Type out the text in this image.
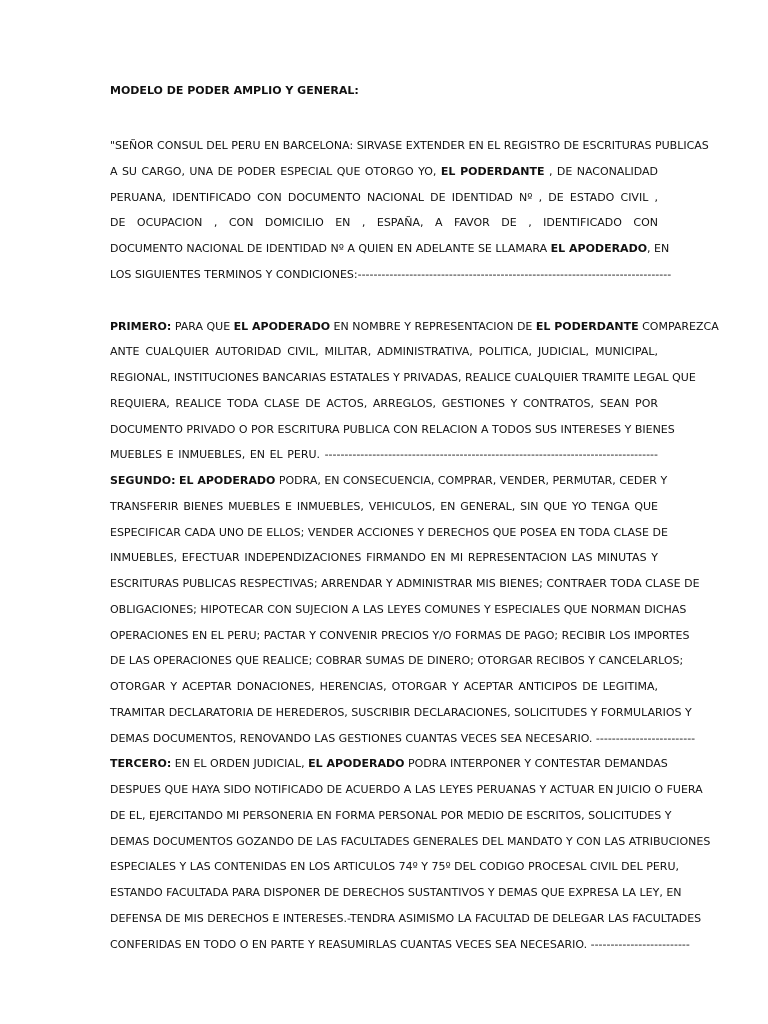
MODELO DE PODER AMPLIO Y GENERAL:

"SEÑOR CONSUL DEL PERU EN BARCELONA: SIRVASE EXTENDER EN EL REGISTRO DE ESCRITURAS PUBLICAS
A SU CARGO, UNA DE PODER ESPECIAL QUE OTORGO YO, EL PODERDANTE , DE NACONALIDAD
PERUANA, IDENTIFICADO CON DOCUMENTO NACIONAL DE IDENTIDAD Nº , DE ESTADO CIVIL ,
DE OCUPACION , CON DOMICILIO EN , ESPAÑA, A FAVOR DE , IDENTIFICADO CON
DOCUMENTO NACIONAL DE IDENTIDAD Nº A QUIEN EN ADELANTE SE LLAMARA EL APODERADO, EN
LOS SIGUIENTES TERMINOS Y CONDICIONES:-------------------------------------------------------------------------------
PRIMERO: PARA QUE EL APODERADO EN NOMBRE Y REPRESENTACION DE EL PODERDANTE COMPAREZCA
ANTE CUALQUIER AUTORIDAD CIVIL, MILITAR, ADMINISTRATIVA, POLITICA, JUDICIAL, MUNICIPAL,
REGIONAL, INSTITUCIONES BANCARIAS ESTATALES Y PRIVADAS, REALICE CUALQUIER TRAMITE LEGAL QUE
REQUIERA, REALICE TODA CLASE DE ACTOS, ARREGLOS, GESTIONES Y CONTRATOS, SEAN POR
DOCUMENTO PRIVADO O POR ESCRITURA PUBLICA CON RELACION A TODOS SUS INTERESES Y BIENES
MUEBLES E INMUEBLES, EN EL PERU. ------------------------------------------------------------------------------------
SEGUNDO: EL APODERADO PODRA, EN CONSECUENCIA, COMPRAR, VENDER, PERMUTAR, CEDER Y
TRANSFERIR BIENES MUEBLES E INMUEBLES, VEHICULOS, EN GENERAL, SIN QUE YO TENGA QUE
ESPECIFICAR CADA UNO DE ELLOS; VENDER ACCIONES Y DERECHOS QUE POSEA EN TODA CLASE DE
INMUEBLES, EFECTUAR INDEPENDIZACIONES FIRMANDO EN MI REPRESENTACION LAS MINUTAS Y
ESCRITURAS PUBLICAS RESPECTIVAS; ARRENDAR Y ADMINISTRAR MIS BIENES; CONTRAER TODA CLASE DE
OBLIGACIONES; HIPOTECAR CON SUJECION A LAS LEYES COMUNES Y ESPECIALES QUE NORMAN DICHAS
OPERACIONES EN EL PERU; PACTAR Y CONVENIR PRECIOS Y/O FORMAS DE PAGO; RECIBIR LOS IMPORTES
DE LAS OPERACIONES QUE REALICE; COBRAR SUMAS DE DINERO; OTORGAR RECIBOS Y CANCELARLOS;
OTORGAR Y ACEPTAR DONACIONES, HERENCIAS, OTORGAR Y ACEPTAR ANTICIPOS DE LEGITIMA,
TRAMITAR DECLARATORIA DE HEREDEROS, SUSCRIBIR DECLARACIONES, SOLICITUDES Y FORMULARIOS Y
DEMAS DOCUMENTOS, RENOVANDO LAS GESTIONES CUANTAS VECES SEA NECESARIO. -------------------------
TERCERO: EN EL ORDEN JUDICIAL, EL APODERADO PODRA INTERPONER Y CONTESTAR DEMANDAS
DESPUES QUE HAYA SIDO NOTIFICADO DE ACUERDO A LAS LEYES PERUANAS Y ACTUAR EN JUICIO O FUERA
DE EL, EJERCITANDO MI PERSONERIA EN FORMA PERSONAL POR MEDIO DE ESCRITOS, SOLICITUDES Y
DEMAS DOCUMENTOS GOZANDO DE LAS FACULTADES GENERALES DEL MANDATO Y CON LAS ATRIBUCIONES
ESPECIALES Y LAS CONTENIDAS EN LOS ARTICULOS 74º Y 75º DEL CODIGO PROCESAL CIVIL DEL PERU,
ESTANDO FACULTADA PARA DISPONER DE DERECHOS SUSTANTIVOS Y DEMAS QUE EXPRESA LA LEY, EN
DEFENSA DE MIS DERECHOS E INTERESES.-TENDRA ASIMISMO LA FACULTAD DE DELEGAR LAS FACULTADES
CONFERIDAS EN TODO O EN PARTE Y REASUMIRLAS CUANTAS VECES SEA NECESARIO. -------------------------
